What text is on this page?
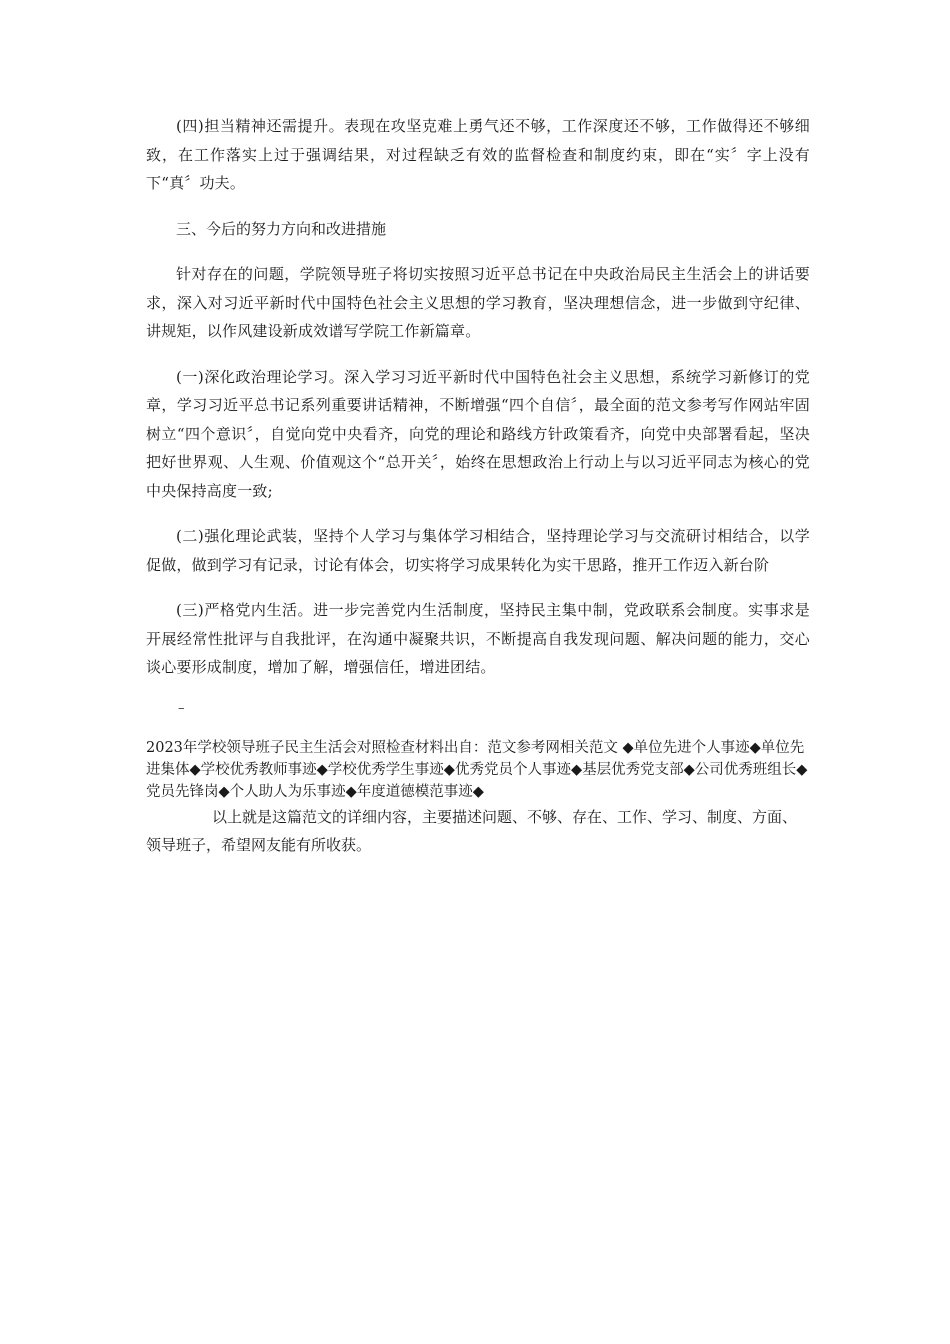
(四)担当精神还需提升。表现在攻坚克难上勇气还不够，工作深度还不够，工作做得还不够细致，在工作落实上过于强调结果，对过程缺乏有效的监督检查和制度约束，即在“实〞字上没有下“真〞功夫。

三、今后的努力方向和改进措施

针对存在的问题，学院领导班子将切实按照习近平总书记在中央政治局民主生活会上的讲话要求，深入对习近平新时代中国特色社会主义思想的学习教育，坚决理想信念，进一步做到守纪律、讲规矩，以作风建设新成效谱写学院工作新篇章。

(一)深化政治理论学习。深入学习习近平新时代中国特色社会主义思想，系统学习新修订的党章，学习习近平总书记系列重要讲话精神，不断增强“四个自信〞，最全面的范文参考写作网站牢固树立“四个意识〞，自觉向党中央看齐，向党的理论和路线方针政策看齐，向党中央部署看起，坚决把好世界观、人生观、价值观这个“总开关〞，始终在思想政治上行动上与以习近平同志为核心的党中央保持高度一致;

(二)强化理论武装，坚持个人学习与集体学习相结合，坚持理论学习与交流研讨相结合，以学促做，做到学习有记录，讨论有体会，切实将学习成果转化为实干思路，推开工作迈入新台阶

(三)严格党内生活。进一步完善党内生活制度，坚持民主集中制，党政联系会制度。实事求是开展经常性批评与自我批评，在沟通中凝聚共识，不断提高自我发现问题、解决问题的能力，交心谈心要形成制度，增加了解，增强信任，增进团结。

–

2023年学校领导班子民主生活会对照检查材料出自：范文参考网相关范文 ◆单位先进个人事迹◆单位先进集体◆学校优秀教师事迹◆学校优秀学生事迹◆优秀党员个人事迹◆基层优秀党支部◆公司优秀班组长◆党员先锋岗◆个人助人为乐事迹◆年度道德模范事迹◆

以上就是这篇范文的详细内容，主要描述问题、不够、存在、工作、学习、制度、方面、领导班子，希望网友能有所收获。
